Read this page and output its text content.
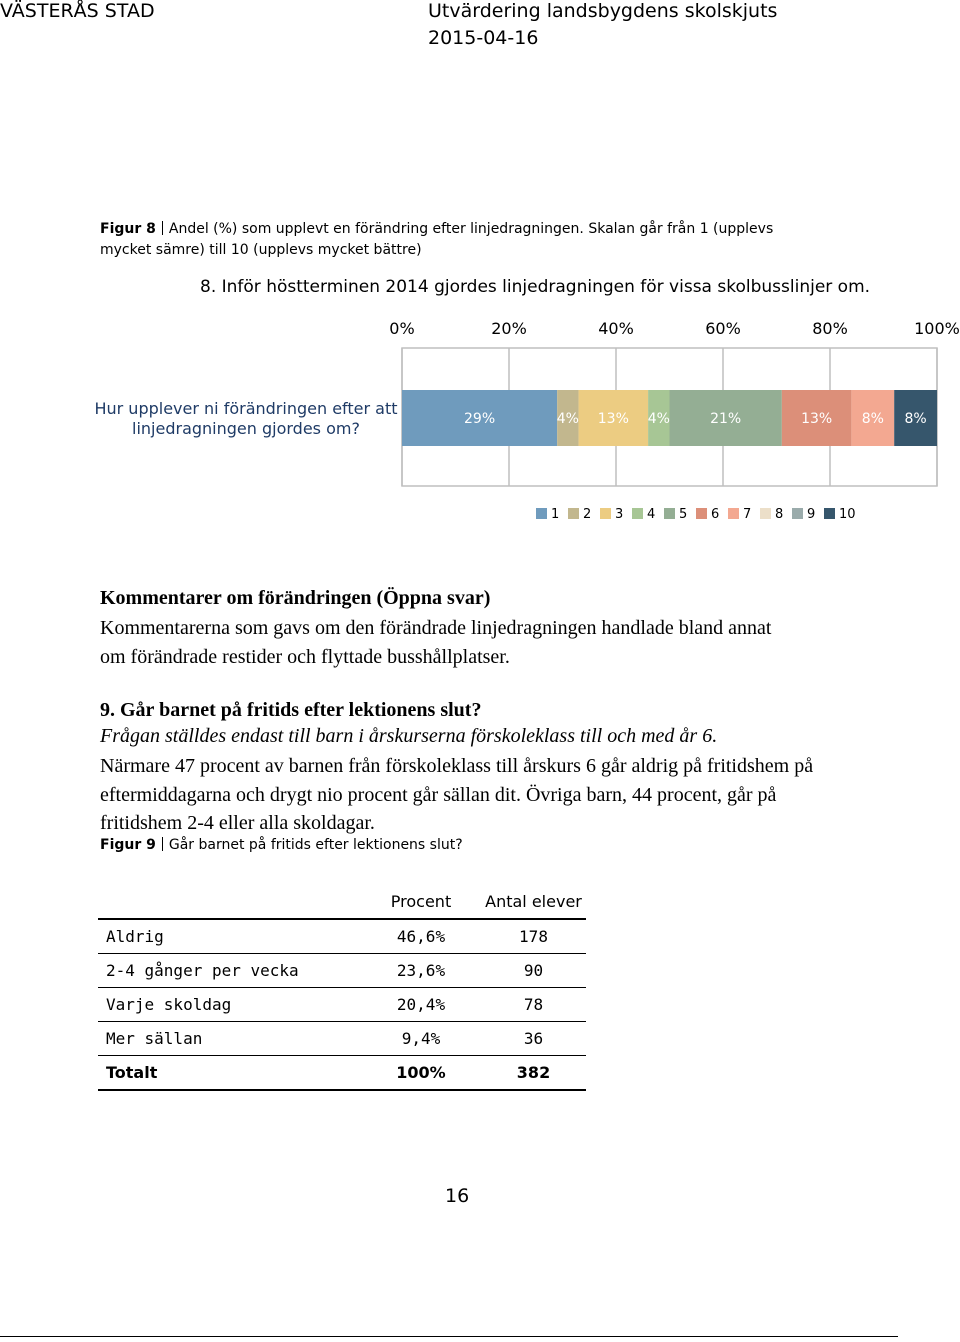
VÄSTERÅS STAD	Utvärdering landsbygdens skolskjuts
2015-04-16
Figur 8 Andel (%) som upplevt en förändring efter linjedragningen. Skalan går från 1 (upplevs mycket sämre) till 10 (upplevs mycket bättre)
8. Inför höstterminen 2014 gjordes linjedragningen för vissa skolbusslinjer om.
0%	20%	40%	60%	80%	100%
Hur upplever ni förändringen efter att
linjedragningen gjordes om?	29%	4% 13% 4%	21%	13% 8% 8%
1 2 3 4 5 6 7 8 9 10
Kommentarer om förändringen (Öppna svar)
Kommentarerna som gavs om den förändrade linjedragningen handlade bland annat om förändrade restider och flyttade busshållplatser.
9. Går barnet på fritids efter lektionens slut?
Frågan ställdes endast till barn i årskurserna förskoleklass till och med år 6.
Närmare 47 procent av barnen från förskoleklass till årskurs 6 går aldrig på fritidshem på eftermiddagarna och drygt nio procent går sällan dit. Övriga barn, 44 procent, går på fritidshem 2-4 eller alla skoldagar.
Figur 9 Går barnet på fritids efter lektionens slut?
	Procent	Antal elever
Aldrig	46,6%	178
2-4 gånger per vecka	23,6%	90
Varje skoldag	20,4%	78
Mer sällan	9,4%	36
Totalt	100%	382
16
